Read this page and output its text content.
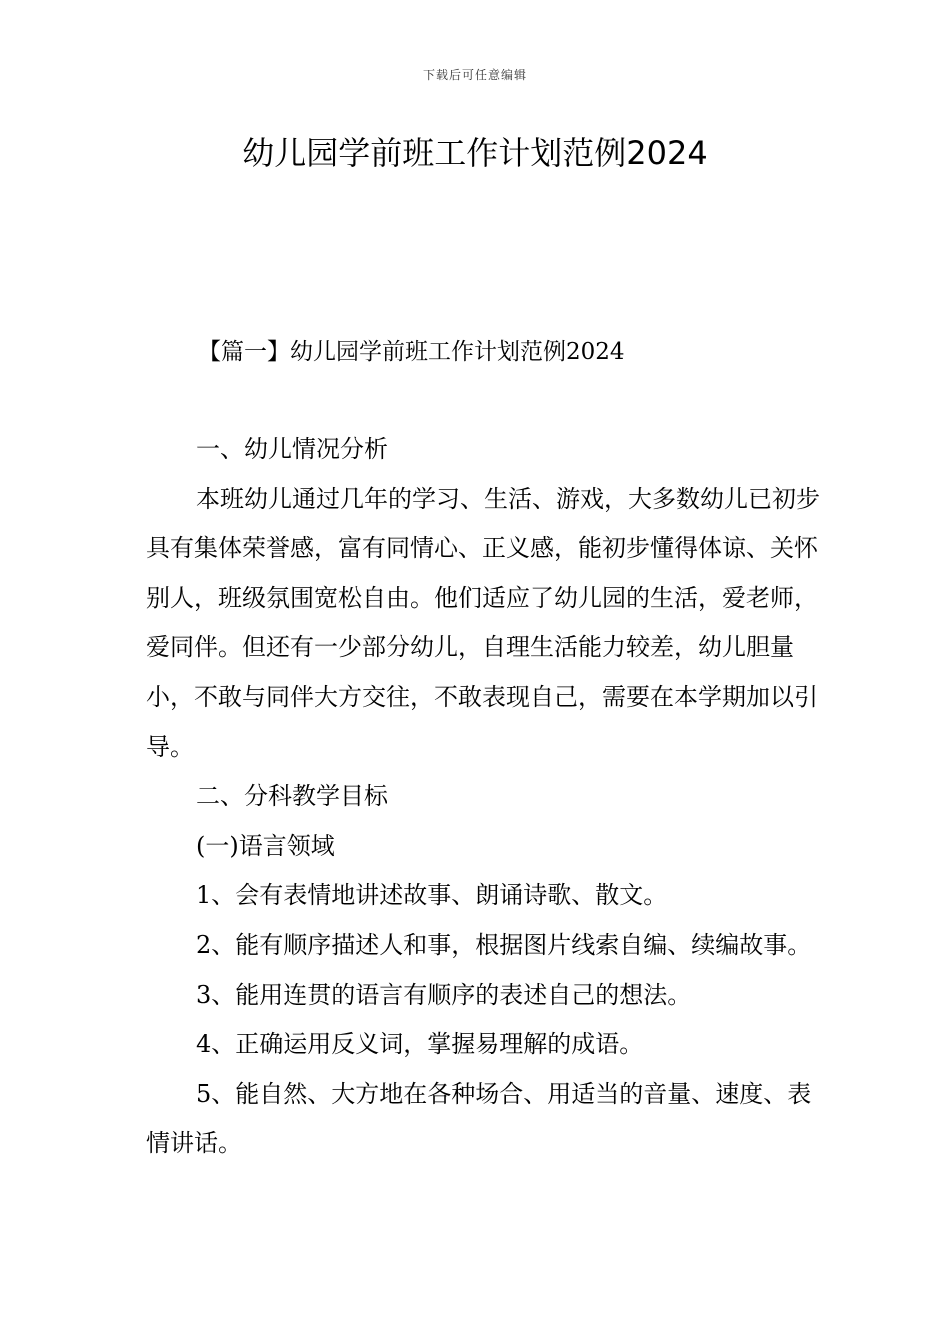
下载后可任意编辑
幼儿园学前班工作计划范例2024
【篇一】幼儿园学前班工作计划范例2024

一、幼儿情况分析

本班幼儿通过几年的学习、生活、游戏，大多数幼儿已初步具有集体荣誉感，富有同情心、正义感，能初步懂得体谅、关怀别人，班级氛围宽松自由。他们适应了幼儿园的生活，爱老师，爱同伴。但还有一少部分幼儿，自理生活能力较差，幼儿胆量小，不敢与同伴大方交往，不敢表现自己，需要在本学期加以引导。

二、分科教学目标

(一)语言领域

1、会有表情地讲述故事、朗诵诗歌、散文。

2、能有顺序描述人和事，根据图片线索自编、续编故事。

3、能用连贯的语言有顺序的表述自己的想法。

4、正确运用反义词，掌握易理解的成语。

5、能自然、大方地在各种场合、用适当的音量、速度、表情讲话。
